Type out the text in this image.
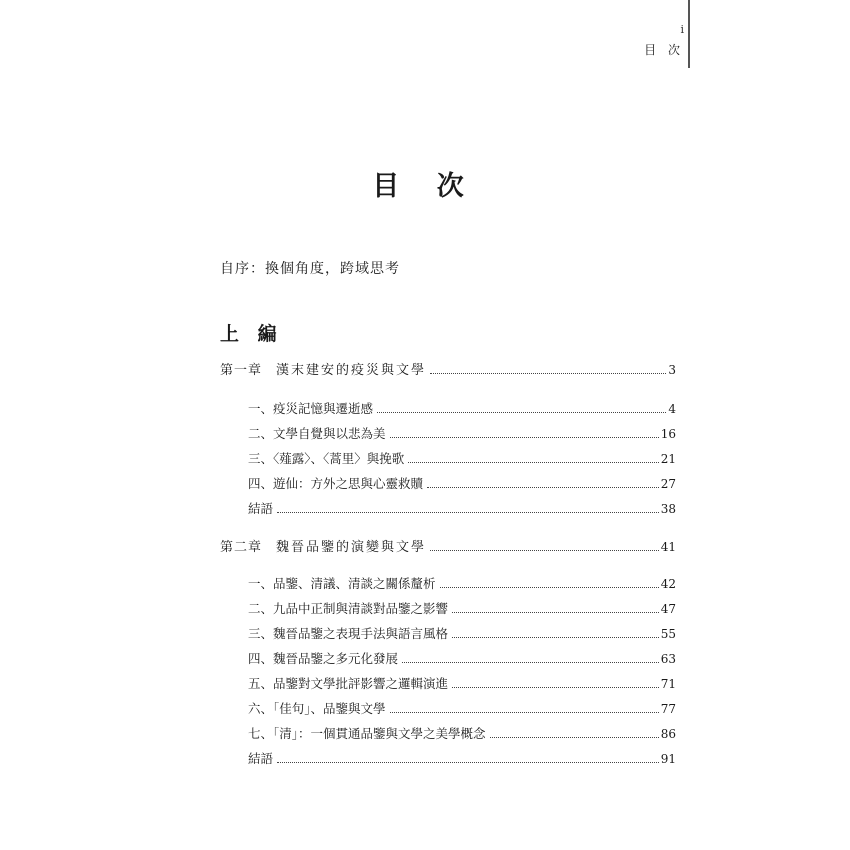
i
目 次
目 次
自序：換個角度，跨域思考
上 編
第一章 漢末建安的疫災與文學	3
一、疫災記憶與遷逝感	4
二、文學自覺與以悲為美	16
三、〈薤露〉、〈蒿里〉與挽歌	21
四、遊仙：方外之思與心靈救贖	27
結語	38
第二章 魏晉品鑒的演變與文學	41
一、品鑒、清議、清談之關係釐析	42
二、九品中正制與清談對品鑒之影響	47
三、魏晉品鑒之表現手法與語言風格	55
四、魏晉品鑒之多元化發展	63
五、品鑒對文學批評影響之邏輯演進	71
六、「佳句」、品鑒與文學	77
七、「清」：一個貫通品鑒與文學之美學概念	86
結語	91
